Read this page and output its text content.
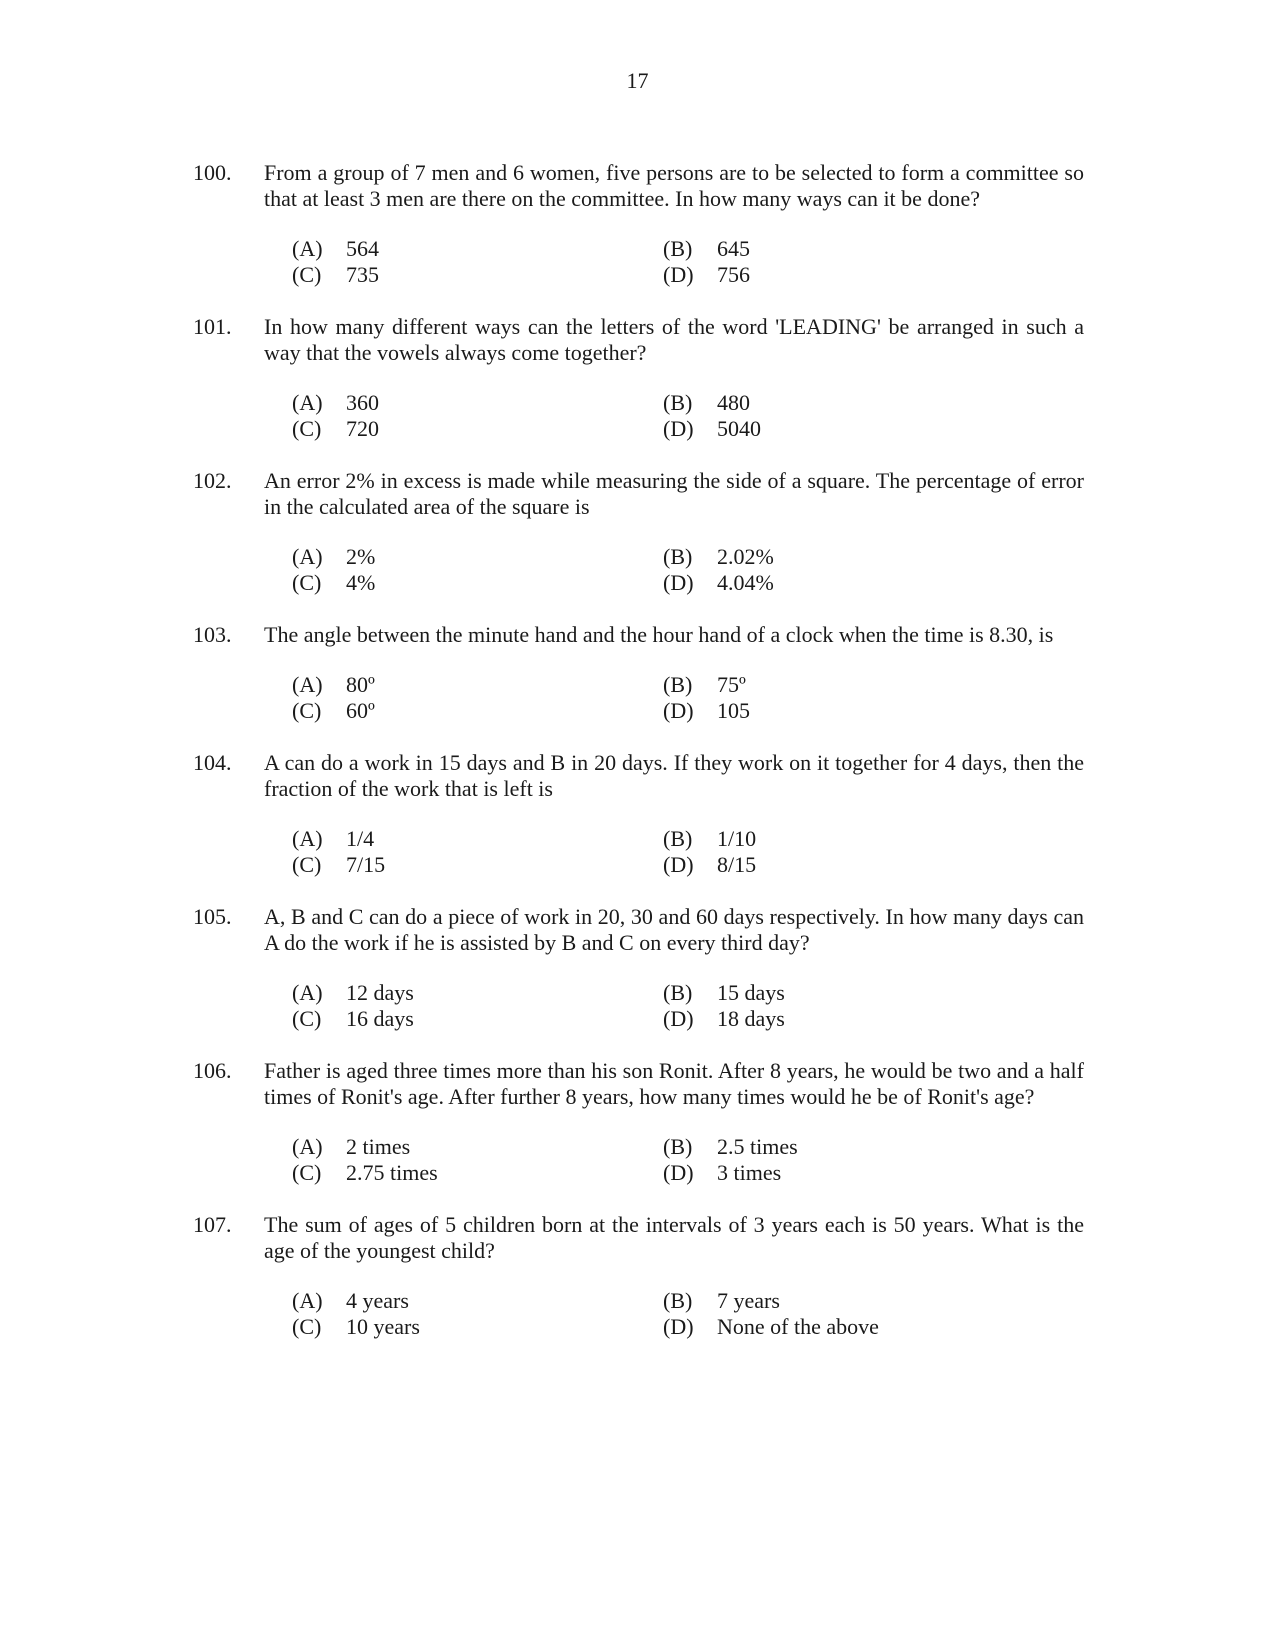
17
100. From a group of 7 men and 6 women, five persons are to be selected to form a committee so that at least 3 men are there on the committee. In how many ways can it be done?
(A)	564	(B)	645
(C)	735	(D)	756
101. In how many different ways can the letters of the word 'LEADING' be arranged in such a way that the vowels always come together?
(A)	360	(B)	480
(C)	720	(D)	5040
102. An error 2% in excess is made while measuring the side of a square. The percentage of error in the calculated area of the square is
(A)	2%	(B)	2.02%
(C)	4%	(D)	4.04%
103. The angle between the minute hand and the hour hand of a clock when the time is 8.30, is
(A)	80º	(B)	75º
(C)	60º	(D)	105
104. A can do a work in 15 days and B in 20 days. If they work on it together for 4 days, then the fraction of the work that is left is
(A)	1/4	(B)	1/10
(C)	7/15	(D)	8/15
105. A, B and C can do a piece of work in 20, 30 and 60 days respectively. In how many days can A do the work if he is assisted by B and C on every third day?
(A)	12 days	(B)	15 days
(C)	16 days	(D)	18 days
106. Father is aged three times more than his son Ronit. After 8 years, he would be two and a half times of Ronit's age. After further 8 years, how many times would he be of Ronit's age?
(A)	2 times	(B)	2.5 times
(C)	2.75 times	(D)	3 times
107. The sum of ages of 5 children born at the intervals of 3 years each is 50 years. What is the age of the youngest child?
(A)	4 years	(B)	7 years
(C)	10 years	(D)	None of the above
